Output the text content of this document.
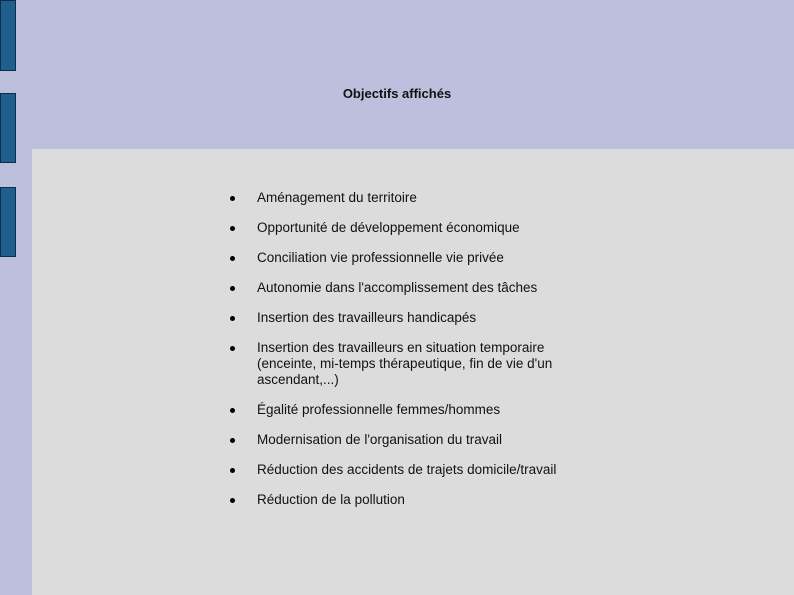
Objectifs affichés
Aménagement du territoire
Opportunité de développement économique
Conciliation vie professionnelle vie privée
Autonomie dans l'accomplissement des tâches
Insertion des travailleurs handicapés
Insertion des travailleurs en situation temporaire (enceinte, mi-temps thérapeutique, fin de vie d'un ascendant,...)
Égalité professionnelle femmes/hommes
Modernisation de l'organisation du travail
Réduction des accidents de trajets domicile/travail
Réduction de la pollution
